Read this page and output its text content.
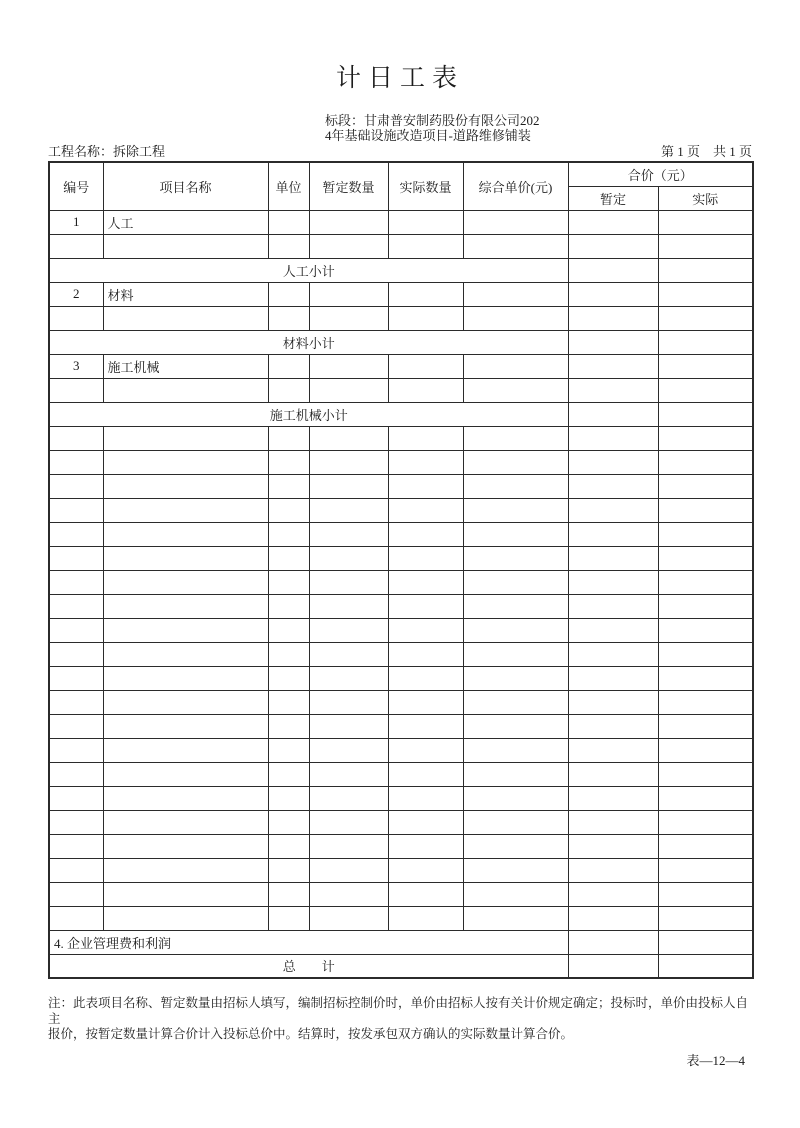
计日工表
标段：甘肃普安制药股份有限公司202
4年基础设施改造项目-道路维修铺装
工程名称：拆除工程	第 1 页　共 1 页
编号	项目名称	单位	暂定数量	实际数量	综合单价(元)	合价（元）	
						暂定	实际
1	人工						

人工小计							
2	材料						

材料小计							
3	施工机械						

施工机械小计							

4. 企业管理费和利润							
总　　计							
注：此表项目名称、暂定数量由招标人填写，编制招标控制价时，单价由招标人按有关计价规定确定；投标时，单价由投标人自主
报价，按暂定数量计算合价计入投标总价中。结算时，按发承包双方确认的实际数量计算合价。
表—12—4
